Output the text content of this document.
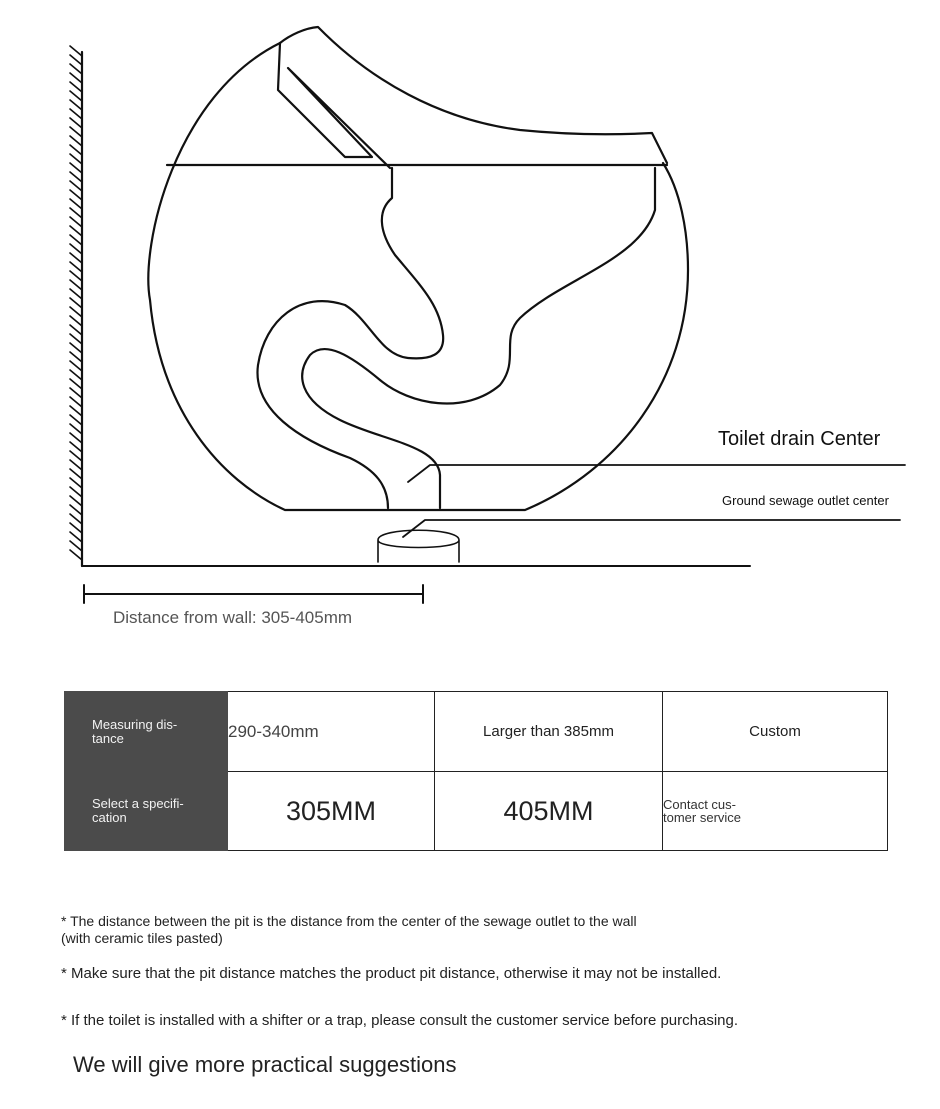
Toilet drain Center
Ground sewage outlet center
Distance from wall: 305-405mm
Measuring dis-
tance	290-340mm	Larger than 385mm	Custom
Select a specifi-
cation	305MM	405MM	Contact cus-
tomer service
* The distance between the pit is the distance from the center of the sewage outlet to the wall
(with ceramic tiles pasted)
* Make sure that the pit distance matches the product pit distance, otherwise it may not be installed.
* If the toilet is installed with a shifter or a trap, please consult the customer service before purchasing.
We will give more practical suggestions
